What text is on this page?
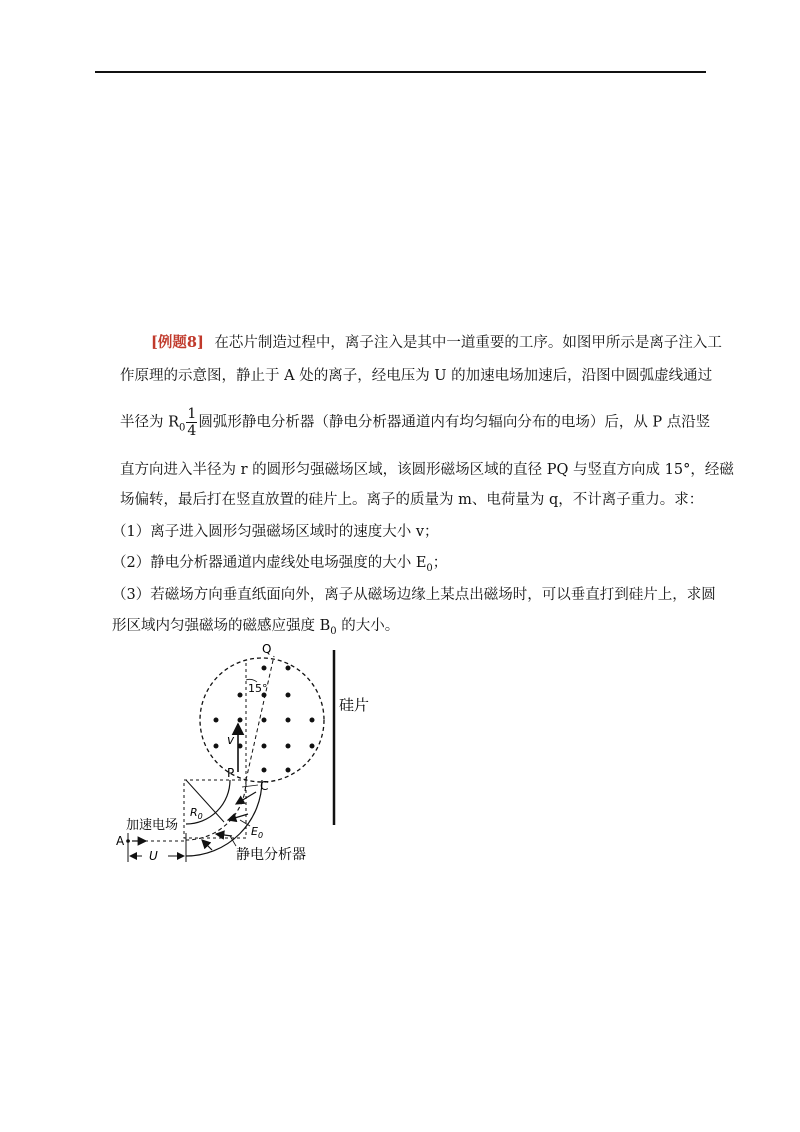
[例题8] 在芯片制造过程中，离子注入是其中一道重要的工序。如图甲所示是离子注入工
作原理的示意图，静止于 A 处的离子，经电压为 U 的加速电场加速后，沿图中圆弧虚线通过
半径为 $R_0 \frac{1}{4}$ 圆弧形静电分析器（静电分析器通道内有均匀辐向分布的电场）后，从 P 点沿竖
直方向进入半径为 r 的圆形匀强磁场区域，该圆形磁场区域的直径 PQ 与竖直方向成 15°，经磁
场偏转，最后打在竖直放置的硅片上。离子的质量为 m、电荷量为 q，不计离子重力。求：
（1）离子进入圆形匀强磁场区域时的速度大小 v；
（2）静电分析器通道内虚线处电场强度的大小 $E_0$；
（3）若磁场方向垂直纸面向外，离子从磁场边缘上某点出磁场时，可以垂直打到硅片上，求圆
形区域内匀强磁场的磁感应强度 $B_0$ 的大小。
Q
15°
v
P
硅片
$R_0$
C
$E_0$
加速电场
A
U	静电分析器
